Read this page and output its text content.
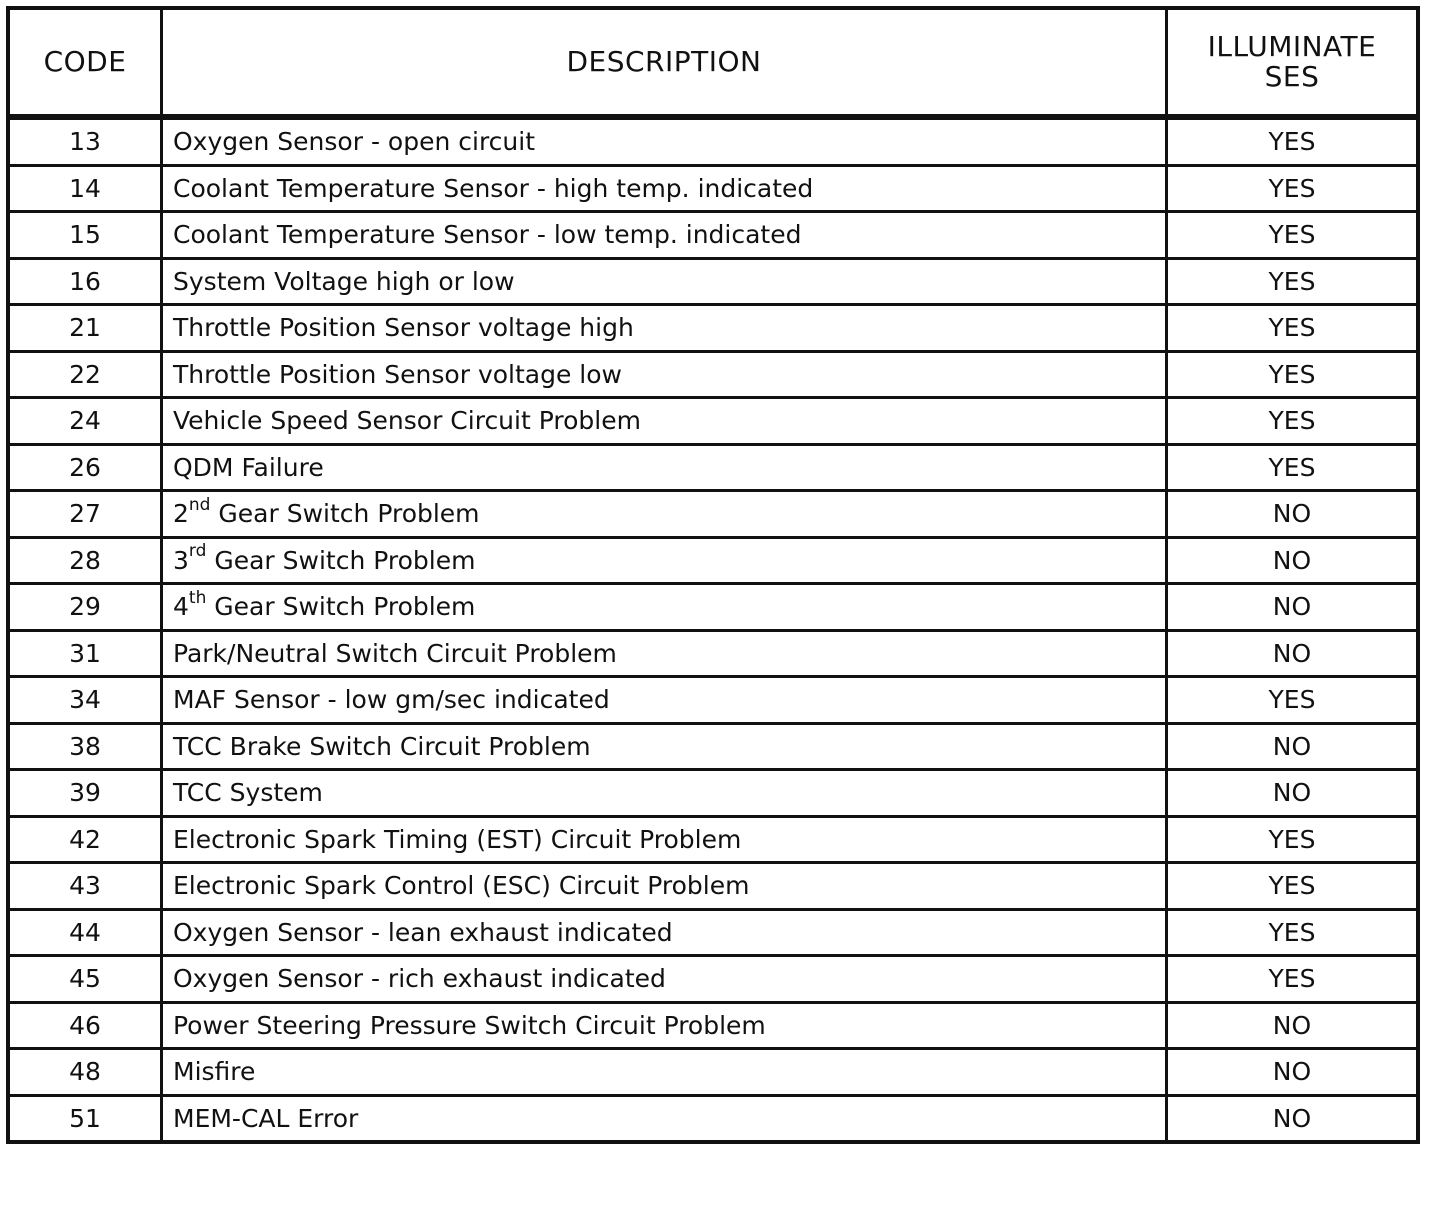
CODE	DESCRIPTION	ILLUMINATE
SES

13	Oxygen Sensor - open circuit	YES
14	Coolant Temperature Sensor - high temp. indicated	YES
15	Coolant Temperature Sensor - low temp. indicated	YES
16	System Voltage high or low	YES
21	Throttle Position Sensor voltage high	YES
22	Throttle Position Sensor voltage low	YES
24	Vehicle Speed Sensor Circuit Problem	YES
26	QDM Failure	YES
27	2nd Gear Switch Problem	NO
28	3rd Gear Switch Problem	NO
29	4th Gear Switch Problem	NO
31	Park/Neutral Switch Circuit Problem	NO
34	MAF Sensor - low gm/sec indicated	YES
38	TCC Brake Switch Circuit Problem	NO
39	TCC System	NO
42	Electronic Spark Timing (EST) Circuit Problem	YES
43	Electronic Spark Control (ESC) Circuit Problem	YES
44	Oxygen Sensor - lean exhaust indicated	YES
45	Oxygen Sensor - rich exhaust indicated	YES
46	Power Steering Pressure Switch Circuit Problem	NO
48	Misfire	NO
51	MEM-CAL Error	NO
